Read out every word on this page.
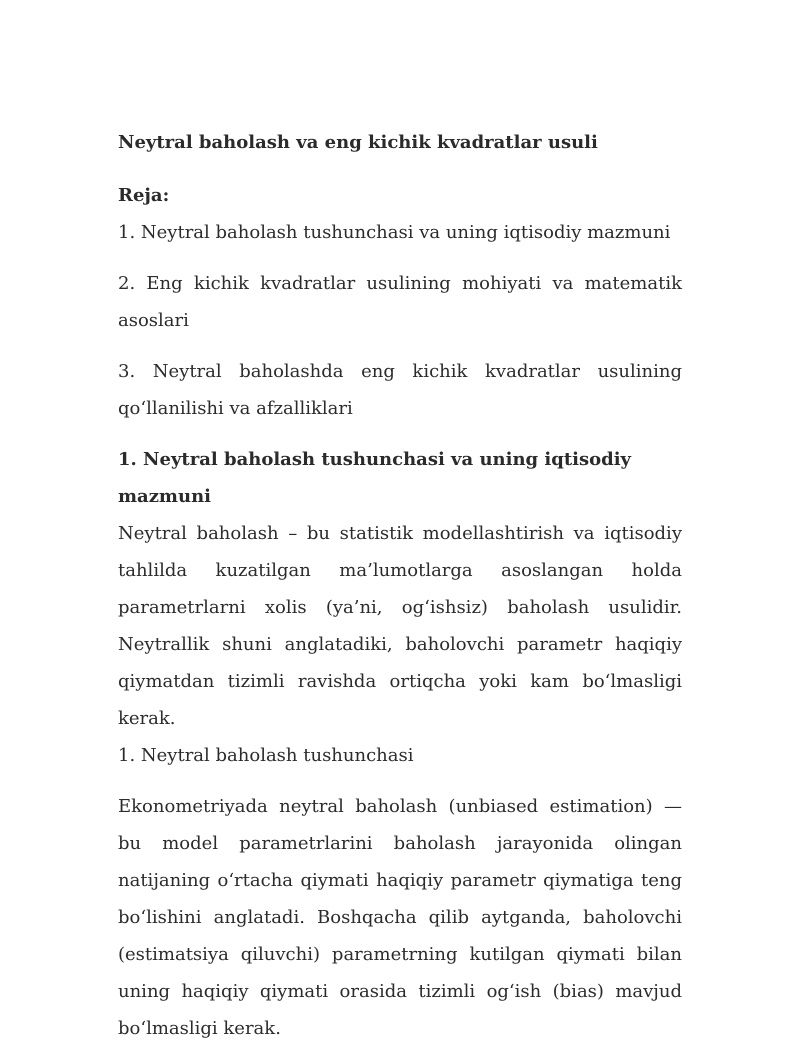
Neytral baholash va eng kichik kvadratlar usuli

Reja:

1. Neytral baholash tushunchasi va uning iqtisodiy mazmuni

2. Eng kichik kvadratlar usulining mohiyati va matematik asoslari

3. Neytral baholashda eng kichik kvadratlar usulining qo‘llanilishi va afzalliklari

1. Neytral baholash tushunchasi va uning iqtisodiy mazmuni

Neytral baholash – bu statistik modellashtirish va iqtisodiy tahlilda kuzatilgan ma’lumotlarga asoslangan holda parametrlarni xolis (ya’ni, og‘ishsiz) baholash usulidir. Neytrallik shuni anglatadiki, baholovchi parametr haqiqiy qiymatdan tizimli ravishda ortiqcha yoki kam bo‘lmasligi kerak.

1. Neytral baholash tushunchasi

Ekonometriyada neytral baholash (unbiased estimation) — bu model parametrlarini baholash jarayonida olingan natijaning o‘rtacha qiymati haqiqiy parametr qiymatiga teng bo‘lishini anglatadi. Boshqacha qilib aytganda, baholovchi (estimatsiya qiluvchi) parametrning kutilgan qiymati bilan uning haqiqiy qiymati orasida tizimli og‘ish (bias) mavjud bo‘lmasligi kerak.
